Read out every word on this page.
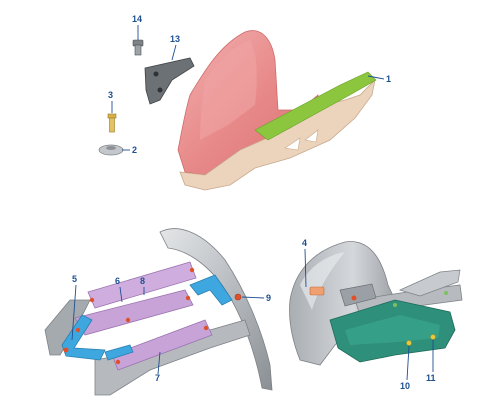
14
13
1
3
2
4
5	6 8
9
7
10
11
